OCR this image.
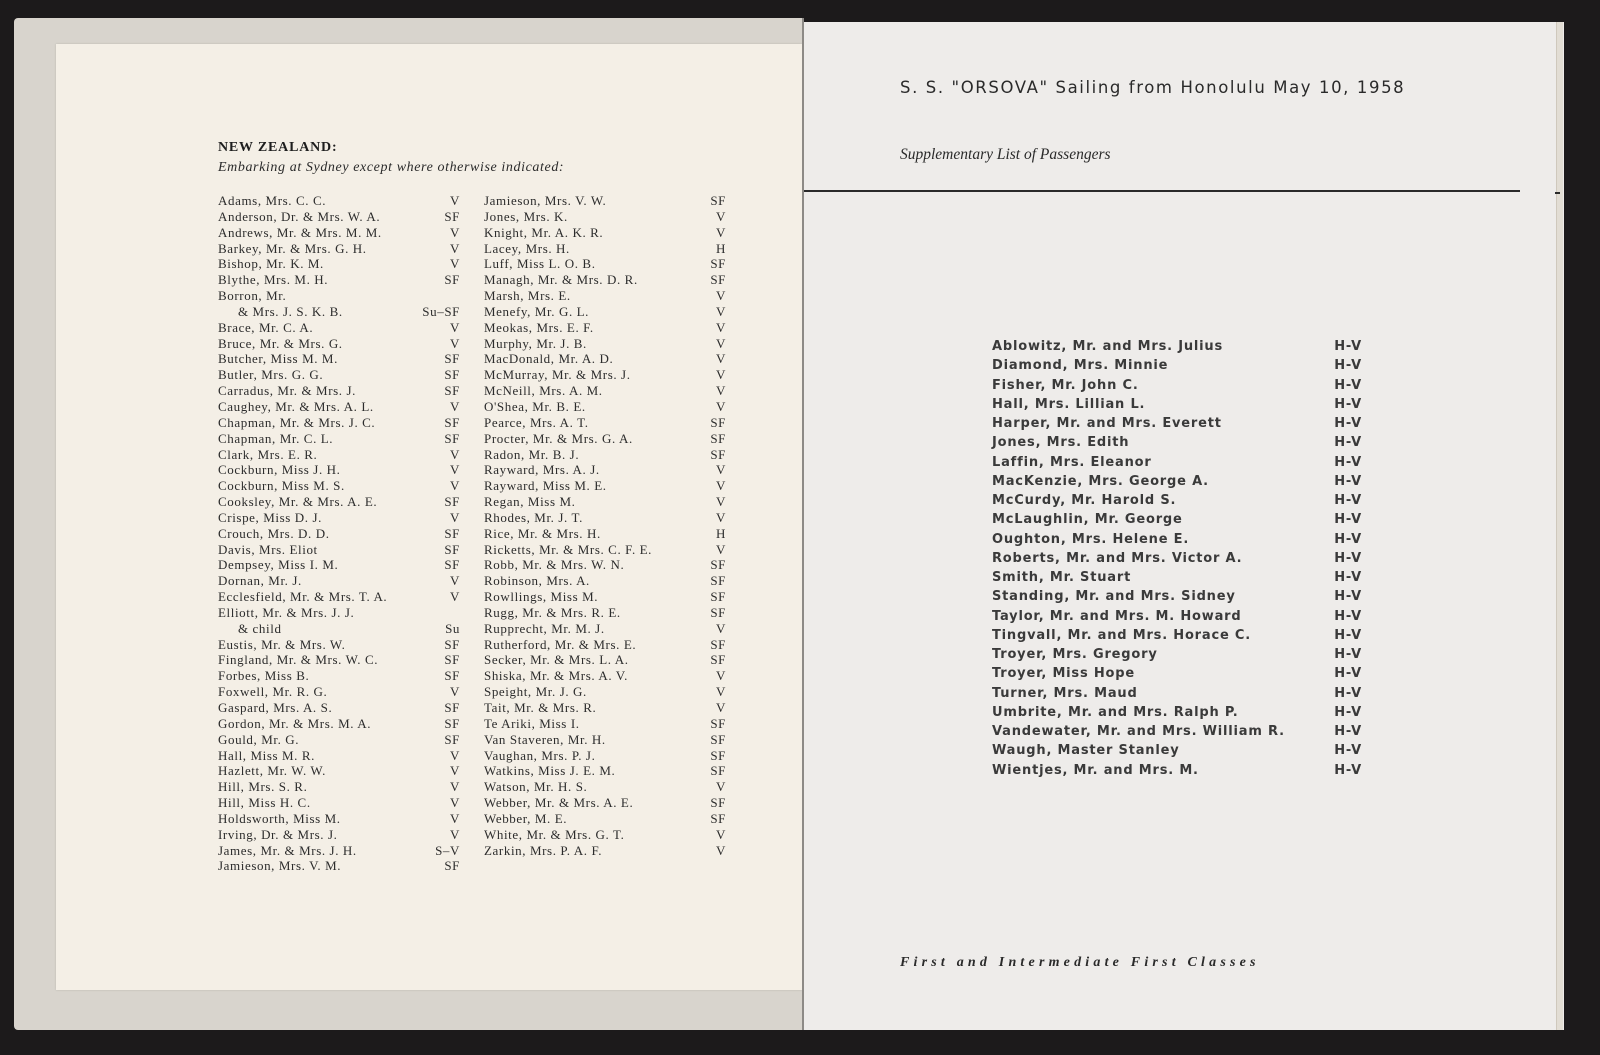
NEW ZEALAND:
Embarking at Sydney except where otherwise indicated:
Adams, Mrs. C. C.	V
Anderson, Dr. & Mrs. W. A.	SF
Andrews, Mr. & Mrs. M. M.	V
Barkey, Mr. & Mrs. G. H.	V
Bishop, Mr. K. M.	V
Blythe, Mrs. M. H.	SF
Borron, Mr.
& Mrs. J. S. K. B.	Su–SF
Brace, Mr. C. A.	V
Bruce, Mr. & Mrs. G.	V
Butcher, Miss M. M.	SF
Butler, Mrs. G. G.	SF
Carradus, Mr. & Mrs. J.	SF
Caughey, Mr. & Mrs. A. L.	V
Chapman, Mr. & Mrs. J. C.	SF
Chapman, Mr. C. L.	SF
Clark, Mrs. E. R.	V
Cockburn, Miss J. H.	V
Cockburn, Miss M. S.	V
Cooksley, Mr. & Mrs. A. E.	SF
Crispe, Miss D. J.	V
Crouch, Mrs. D. D.	SF
Davis, Mrs. Eliot	SF
Dempsey, Miss I. M.	SF
Dornan, Mr. J.	V
Ecclesfield, Mr. & Mrs. T. A.	V
Elliott, Mr. & Mrs. J. J.
& child	Su
Eustis, Mr. & Mrs. W.	SF
Fingland, Mr. & Mrs. W. C.	SF
Forbes, Miss B.	SF
Foxwell, Mr. R. G.	V
Gaspard, Mrs. A. S.	SF
Gordon, Mr. & Mrs. M. A.	SF
Gould, Mr. G.	SF
Hall, Miss M. R.	V
Hazlett, Mr. W. W.	V
Hill, Mrs. S. R.	V
Hill, Miss H. C.	V
Holdsworth, Miss M.	V
Irving, Dr. & Mrs. J.	V
James, Mr. & Mrs. J. H.	S–V
Jamieson, Mrs. V. M.	SF
Jamieson, Mrs. V. W.	SF
Jones, Mrs. K.	V
Knight, Mr. A. K. R.	V
Lacey, Mrs. H.	H
Luff, Miss L. O. B.	SF
Managh, Mr. & Mrs. D. R.	SF
Marsh, Mrs. E.	V
Menefy, Mr. G. L.	V
Meokas, Mrs. E. F.	V
Murphy, Mr. J. B.	V
MacDonald, Mr. A. D.	V
McMurray, Mr. & Mrs. J.	V
McNeill, Mrs. A. M.	V
O'Shea, Mr. B. E.	V
Pearce, Mrs. A. T.	SF
Procter, Mr. & Mrs. G. A.	SF
Radon, Mr. B. J.	SF
Rayward, Mrs. A. J.	V
Rayward, Miss M. E.	V
Regan, Miss M.	V
Rhodes, Mr. J. T.	V
Rice, Mr. & Mrs. H.	H
Ricketts, Mr. & Mrs. C. F. E.	V
Robb, Mr. & Mrs. W. N.	SF
Robinson, Mrs. A.	SF
Rowllings, Miss M.	SF
Rugg, Mr. & Mrs. R. E.	SF
Rupprecht, Mr. M. J.	V
Rutherford, Mr. & Mrs. E.	SF
Secker, Mr. & Mrs. L. A.	SF
Shiska, Mr. & Mrs. A. V.	V
Speight, Mr. J. G.	V
Tait, Mr. & Mrs. R.	V
Te Ariki, Miss I.	SF
Van Staveren, Mr. H.	SF
Vaughan, Mrs. P. J.	SF
Watkins, Miss J. E. M.	SF
Watson, Mr. H. S.	V
Webber, Mr. & Mrs. A. E.	SF
Webber, M. E.	SF
White, Mr. & Mrs. G. T.	V
Zarkin, Mrs. P. A. F.	V
S. S. "ORSOVA" Sailing from Honolulu May 10, 1958
Supplementary List of Passengers
Ablowitz, Mr. and Mrs. Julius	H-V
Diamond, Mrs. Minnie	H-V
Fisher, Mr. John C.	H-V
Hall, Mrs. Lillian L.	H-V
Harper, Mr. and Mrs. Everett	H-V
Jones, Mrs. Edith	H-V
Laffin, Mrs. Eleanor	H-V
MacKenzie, Mrs. George A.	H-V
McCurdy, Mr. Harold S.	H-V
McLaughlin, Mr. George	H-V
Oughton, Mrs. Helene E.	H-V
Roberts, Mr. and Mrs. Victor A.	H-V
Smith, Mr. Stuart	H-V
Standing, Mr. and Mrs. Sidney	H-V
Taylor, Mr. and Mrs. M. Howard	H-V
Tingvall, Mr. and Mrs. Horace C.	H-V
Troyer, Mrs. Gregory	H-V
Troyer, Miss Hope	H-V
Turner, Mrs. Maud	H-V
Umbrite, Mr. and Mrs. Ralph P.	H-V
Vandewater, Mr. and Mrs. William R.	H-V
Waugh, Master Stanley	H-V
Wientjes, Mr. and Mrs. M.	H-V
First and Intermediate First Classes
